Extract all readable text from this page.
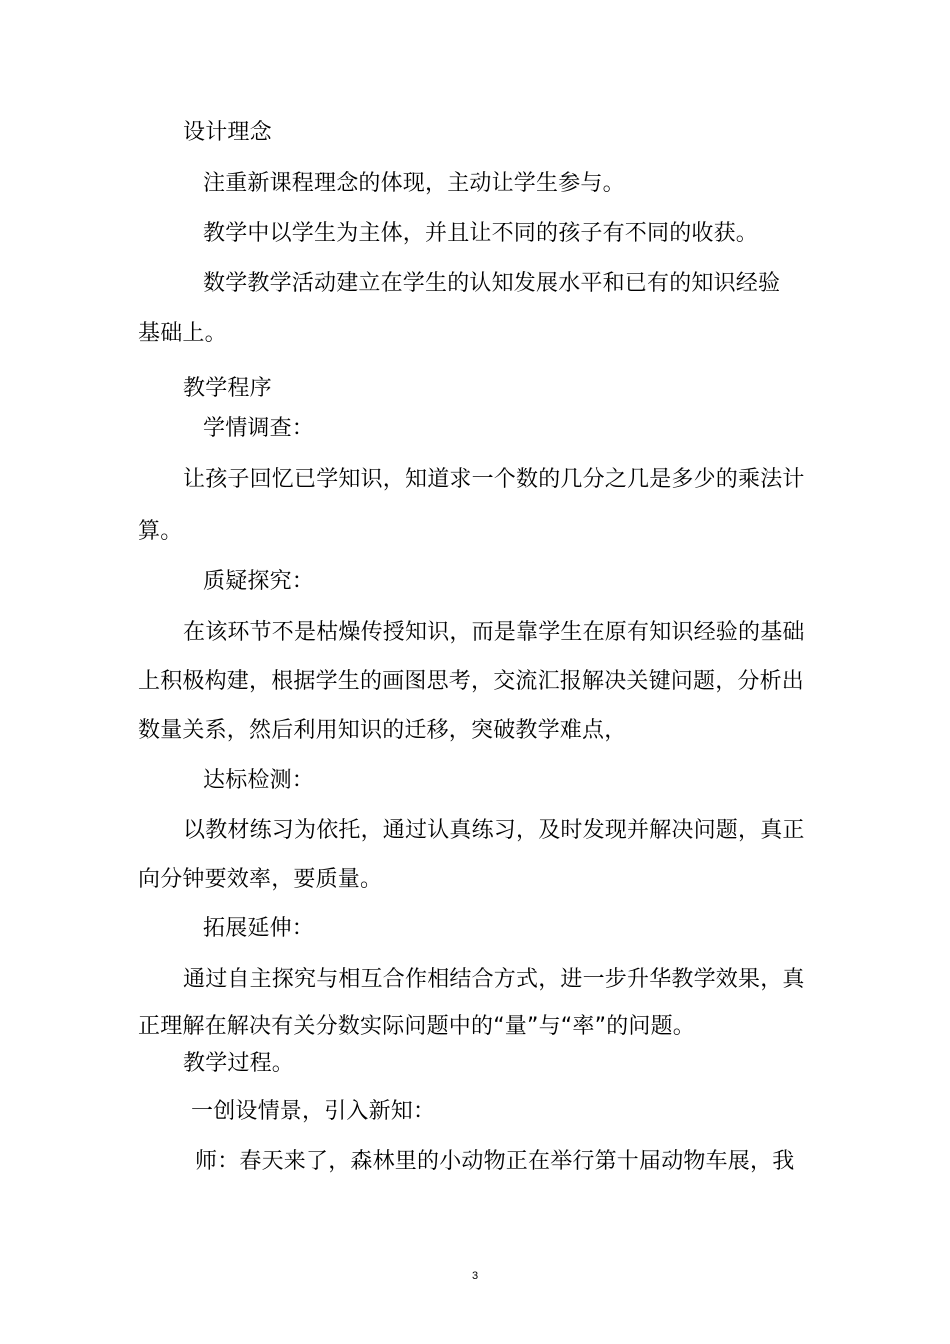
设计理念
注重新课程理念的体现，主动让学生参与。
教学中以学生为主体，并且让不同的孩子有不同的收获。
数学教学活动建立在学生的认知发展水平和已有的知识经验
基础上。
教学程序
学情调查：
让孩子回忆已学知识，知道求一个数的几分之几是多少的乘法计
算。
质疑探究：
在该环节不是枯燥传授知识，而是靠学生在原有知识经验的基础
上积极构建，根据学生的画图思考，交流汇报解决关键问题，分析出
数量关系，然后利用知识的迁移，突破教学难点，
达标检测：
以教材练习为依托，通过认真练习，及时发现并解决问题，真正
向分钟要效率，要质量。
拓展延伸：
通过自主探究与相互合作相结合方式，进一步升华教学效果，真
正理解在解决有关分数实际问题中的“量”与“率”的问题。
教学过程。
一创设情景，引入新知：
师：春天来了，森林里的小动物正在举行第十届动物车展，我
3
